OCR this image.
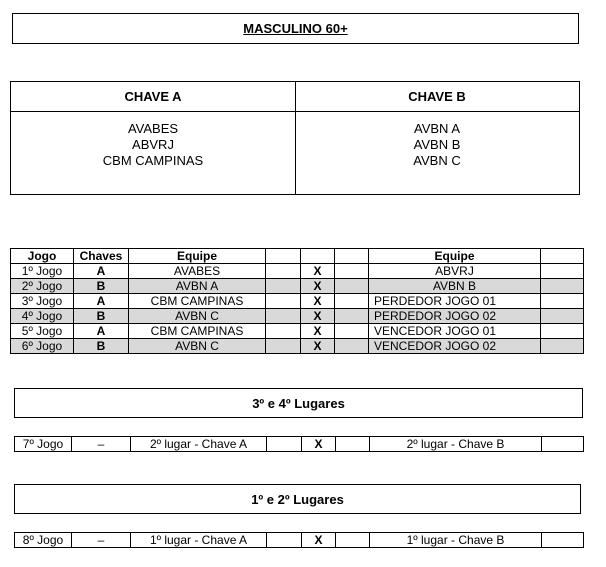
MASCULINO 60+
CHAVE A
AVABES
ABVRJ
CBM CAMPINAS
CHAVE B
AVBN A
AVBN B
AVBN C
Jogo	Chaves	Equipe				Equipe	
1º Jogo	A	AVABES		X		ABVRJ	
2º Jogo	B	AVBN A		X		AVBN B	
3º Jogo	A	CBM CAMPINAS		X		PERDEDOR JOGO 01	
4º Jogo	B	AVBN C		X		PERDEDOR JOGO 02	
5º Jogo	A	CBM CAMPINAS		X		VENCEDOR JOGO 01	
6º Jogo	B	AVBN C		X		VENCEDOR JOGO 02	
3º e 4º Lugares
7º Jogo	–	2º lugar - Chave A		X		2º lugar - Chave B	
1º e 2º Lugares
8º Jogo	–	1º lugar - Chave A		X		1º lugar - Chave B	
